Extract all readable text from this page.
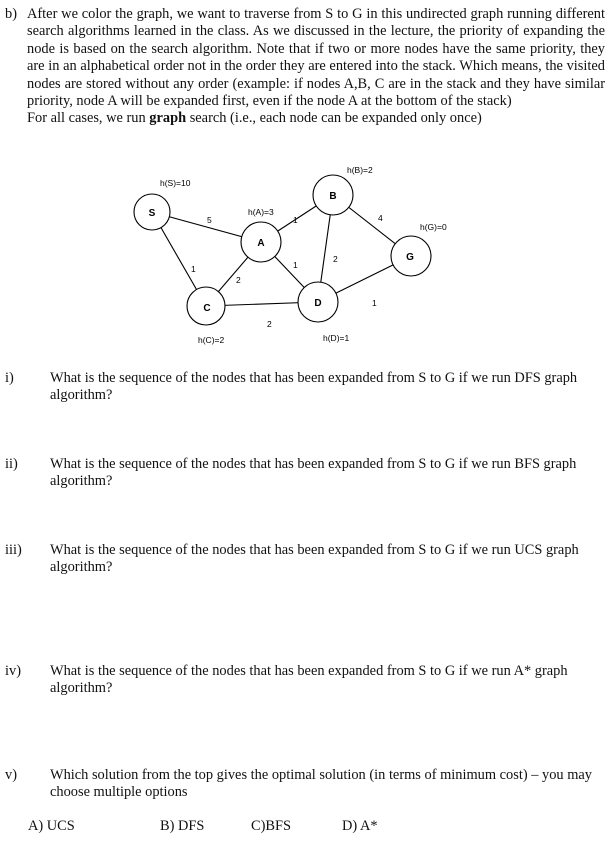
b) After we color the graph, we want to traverse from S to G in this undirected graph running different search algorithms learned in the class. As we discussed in the lecture, the priority of expanding the node is based on the search algorithm. Note that if two or more nodes have the same priority, they are in an alphabetical order not in the order they are entered into the stack. Which means, the visited nodes are stored without any order (example: if nodes A,B, C are in the stack and they have similar priority, node A will be expanded first, even if the node A at the bottom of the stack)
For all cases, we run graph search (i.e., each node can be expanded only once)
5
1
2
1
1
2
4
2
1
S
A
B
C	D
G
h(S)=10
h(A)=3
h(B)=2
h(C)=2	h(D)=1
h(G)=0
i)	What is the sequence of the nodes that has been expanded from S to G if we run DFS graph algorithm?
ii) What is the sequence of the nodes that has been expanded from S to G if we run BFS graph algorithm?
iii) What is the sequence of the nodes that has been expanded from S to G if we run UCS graph algorithm?
iv) What is the sequence of the nodes that has been expanded from S to G if we run A* graph algorithm?
v) Which solution from the top gives the optimal solution (in terms of minimum cost) – you may choose multiple options
A) UCS	B) DFS	C)BFS	D) A*
